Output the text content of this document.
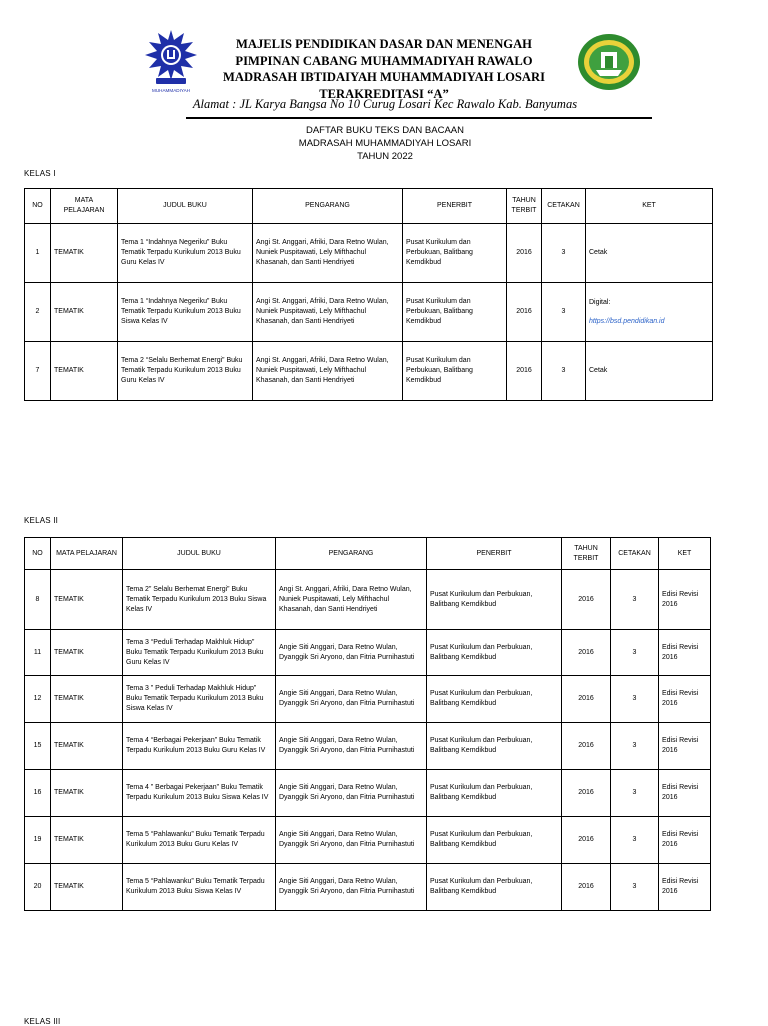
MUHAMMADIYAH
MAJELIS PENDIDIKAN DASAR DAN MENENGAH
PIMPINAN CABANG MUHAMMADIYAH RAWALO
MADRASAH IBTIDAIYAH MUHAMMADIYAH LOSARI
TERAKREDITASI “A”
Alamat : JL Karya Bangsa No 10 Curug Losari Kec Rawalo Kab. Banyumas
DAFTAR BUKU TEKS DAN BACAAN
MADRASAH MUHAMMADIYAH LOSARI
TAHUN 2022
KELAS I
NO	MATA PELAJARAN	JUDUL BUKU	PENGARANG	PENERBIT	TAHUN TERBIT	CETAKAN	KET
1	TEMATIK	Tema 1 “Indahnya Negeriku” Buku Tematik Terpadu Kurikulum 2013 Buku Guru Kelas IV	Angi St. Anggari, Afriki, Dara Retno Wulan, Nuniek Puspitawati, Lely Mifthachul Khasanah, dan Santi Hendriyeti	Pusat Kurikulum dan Perbukuan, Balitbang Kemdikbud	2016	3	Cetak
2	TEMATIK	Tema 1 “Indahnya Negeriku” Buku Tematik Terpadu Kurikulum 2013 Buku Siswa Kelas IV	Angi St. Anggari, Afriki, Dara Retno Wulan, Nuniek Puspitawati, Lely Mifthachul Khasanah, dan Santi Hendriyeti	Pusat Kurikulum dan Perbukuan, Balitbang Kemdikbud	2016	3	Digital:
https://bsd.pendidikan.id

7	TEMATIK	Tema 2 “Selalu Berhemat Energi” Buku Tematik Terpadu Kurikulum 2013 Buku Guru Kelas IV	Angi St. Anggari, Afriki, Dara Retno Wulan, Nuniek Puspitawati, Lely Mifthachul Khasanah, dan Santi Hendriyeti	Pusat Kurikulum dan Perbukuan, Balitbang Kemdikbud	2016	3	Cetak
KELAS II
NO	MATA PELAJARAN	JUDUL BUKU	PENGARANG	PENERBIT	TAHUN TERBIT	CETAKAN	KET
8	TEMATIK	Tema 2” Selalu Berhemat Energi” Buku Tematik Terpadu Kurikulum 2013 Buku Siswa Kelas IV	Angi St. Anggari, Afriki, Dara Retno Wulan, Nuniek Puspitawati, Lely Mifthachul Khasanah, dan Santi Hendriyeti	Pusat Kurikulum dan Perbukuan, Balitbang Kemdikbud	2016	3	Edisi Revisi 2016
11	TEMATIK	Tema 3 “Peduli Terhadap Makhluk Hidup” Buku Tematik Terpadu Kurikulum 2013 Buku Guru Kelas IV	Angie Siti Anggari, Dara Retno Wulan, Dyanggik Sri Aryono, dan Fitria Purnihastuti	Pusat Kurikulum dan Perbukuan, Balitbang Kemdikbud	2016	3	Edisi Revisi 2016
12	TEMATIK	Tema 3 ” Peduli Terhadap Makhluk Hidup” Buku Tematik Terpadu Kurikulum 2013 Buku Siswa Kelas IV	Angie Siti Anggari, Dara Retno Wulan, Dyanggik Sri Aryono, dan Fitria Purnihastuti	Pusat Kurikulum dan Perbukuan, Balitbang Kemdikbud	2016	3	Edisi Revisi 2016
15	TEMATIK	Tema 4 “Berbagai Pekerjaan” Buku Tematik Terpadu Kurikulum 2013 Buku Guru Kelas IV	Angie Siti Anggari, Dara Retno Wulan, Dyanggik Sri Aryono, dan Fitria Purnihastuti	Pusat Kurikulum dan Perbukuan, Balitbang Kemdikbud	2016	3	Edisi Revisi 2016
16	TEMATIK	Tema 4 ” Berbagai Pekerjaan” Buku Tematik Terpadu Kurikulum 2013 Buku Siswa Kelas IV	Angie Siti Anggari, Dara Retno Wulan, Dyanggik Sri Aryono, dan Fitria Purnihastuti	Pusat Kurikulum dan Perbukuan, Balitbang Kemdikbud	2016	3	Edisi Revisi 2016
19	TEMATIK	Tema 5 “Pahlawanku” Buku Tematik Terpadu Kurikulum 2013 Buku Guru Kelas IV	Angie Siti Anggari, Dara Retno Wulan, Dyanggik Sri Aryono, dan Fitria Purnihastuti	Pusat Kurikulum dan Perbukuan, Balitbang Kemdikbud	2016	3	Edisi Revisi 2016
20	TEMATIK	Tema 5 “Pahlawanku” Buku Tematik Terpadu Kurikulum 2013 Buku Siswa Kelas IV	Angie Siti Anggari, Dara Retno Wulan, Dyanggik Sri Aryono, dan Fitria Purnihastuti	Pusat Kurikulum dan Perbukuan, Balitbang Kemdikbud	2016	3	Edisi Revisi 2016
KELAS III
